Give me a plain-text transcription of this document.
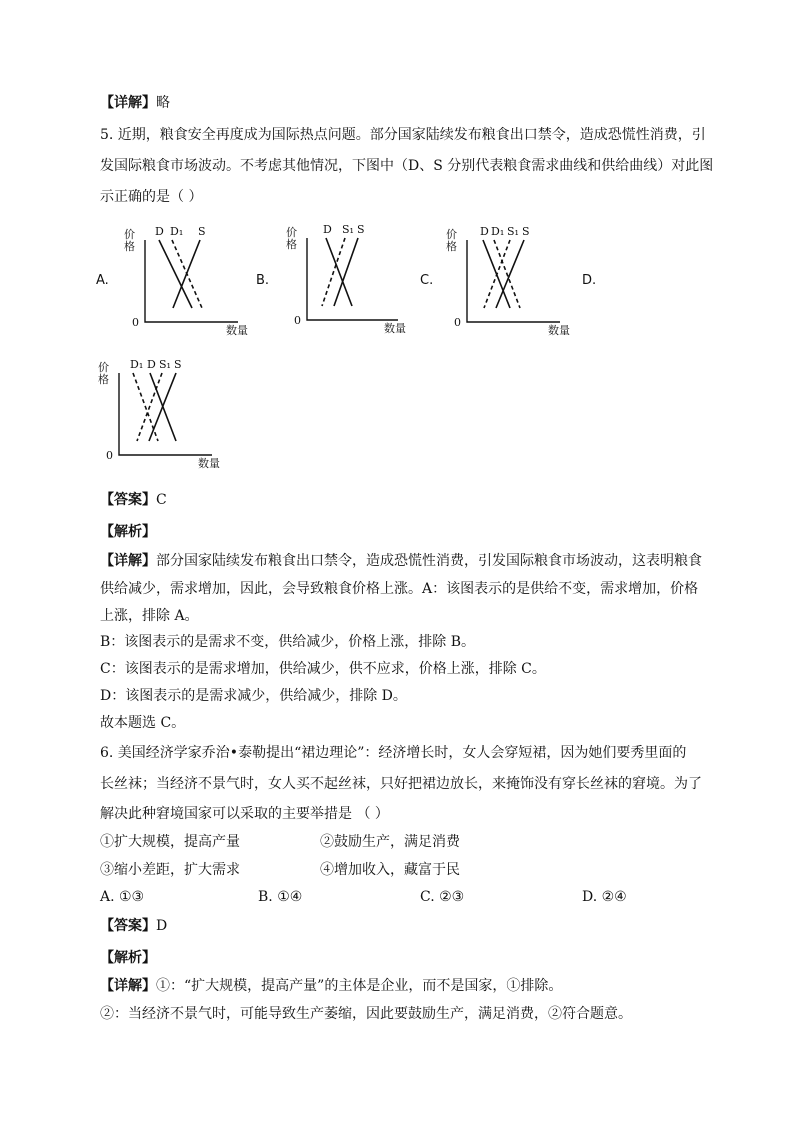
【详解】略
5. 近期，粮食安全再度成为国际热点问题。部分国家陆续发布粮食出口禁令，造成恐慌性消费，引
发国际粮食市场波动。不考虑其他情况，下图中（D、S 分别代表粮食需求曲线和供给曲线）对此图
示正确的是（ ）
A.	B.	C.	D.
价
格
0
数量
D D₁ S	价
格
0
数量
D S₁ S	价
格
0
数量
D D₁ S₁ S
价
格
0
数量
D₁ D S₁ S
【答案】C
【解析】
【详解】部分国家陆续发布粮食出口禁令，造成恐慌性消费，引发国际粮食市场波动，这表明粮食
供给减少，需求增加，因此，会导致粮食价格上涨。A：该图表示的是供给不变，需求增加，价格
上涨，排除 A。
B：该图表示的是需求不变，供给减少，价格上涨，排除 B。
C：该图表示的是需求增加，供给减少，供不应求，价格上涨，排除 C。
D：该图表示的是需求减少，供给减少，排除 D。
故本题选 C。
6. 美国经济学家乔治•泰勒提出“裙边理论”：经济增长时，女人会穿短裙，因为她们要秀里面的
长丝袜；当经济不景气时，女人买不起丝袜，只好把裙边放长，来掩饰没有穿长丝袜的窘境。为了
解决此种窘境国家可以采取的主要举措是 （ ）
①扩大规模，提高产量	②鼓励生产，满足消费
③缩小差距，扩大需求	④增加收入，藏富于民
A. ①③	B. ①④	C. ②③	D. ②④
【答案】D
【解析】
【详解】①：“扩大规模，提高产量”的主体是企业，而不是国家，①排除。
②：当经济不景气时，可能导致生产萎缩，因此要鼓励生产，满足消费，②符合题意。
